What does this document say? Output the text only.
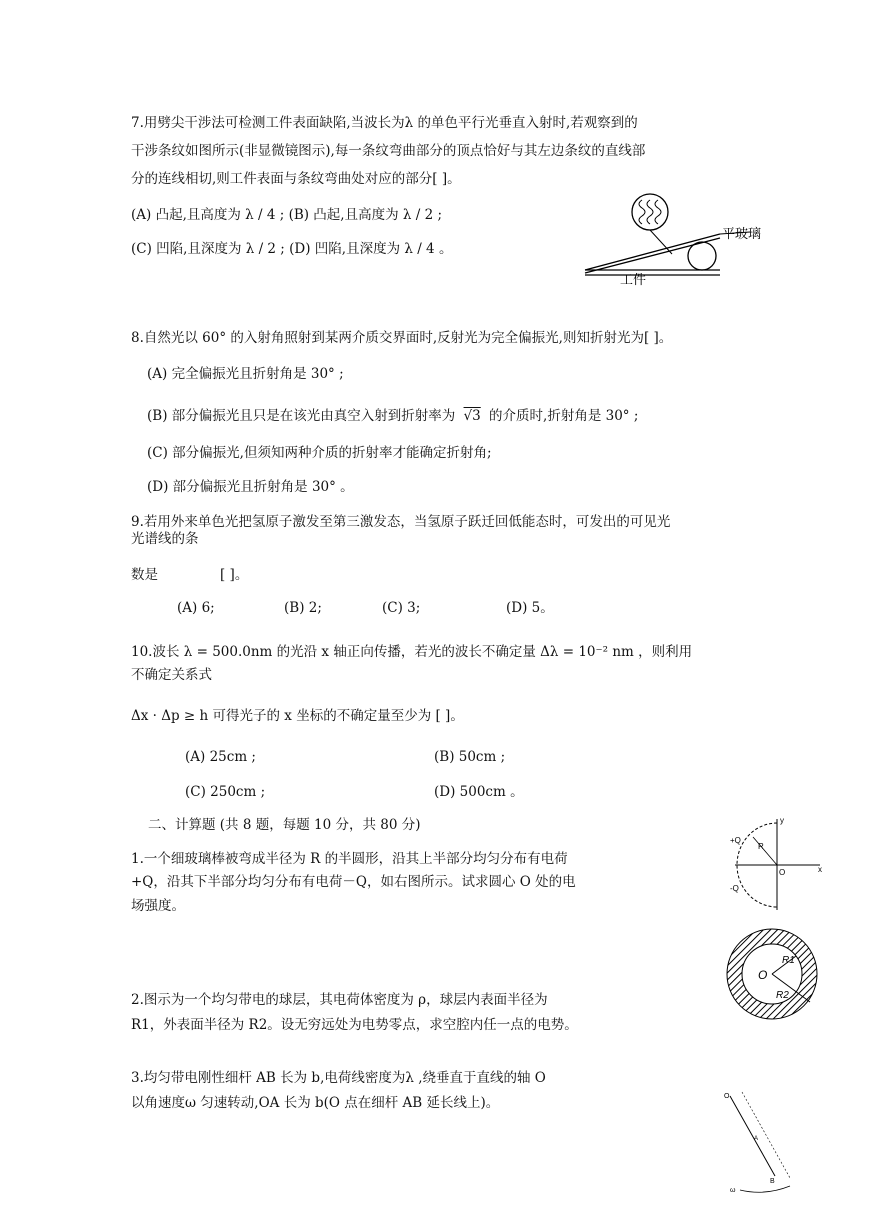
7.用劈尖干涉法可检测工件表面缺陷,当波长为λ 的单色平行光垂直入射时,若观察到的
干涉条纹如图所示(非显微镜图示),每一条纹弯曲部分的顶点恰好与其左边条纹的直线部
分的连线相切,则工件表面与条纹弯曲处对应的部分[ ]。
(A) 凸起,且高度为 λ / 4 ; (B) 凸起,且高度为 λ / 2 ;
(C) 凹陷,且深度为 λ / 2 ; (D) 凹陷,且深度为 λ / 4 。
平玻璃
工件
8.自然光以 60° 的入射角照射到某两介质交界面时,反射光为完全偏振光,则知折射光为[ ]。
(A) 完全偏振光且折射角是 30° ;
(B) 部分偏振光且只是在该光由真空入射到折射率为 √3 的介质时,折射角是 30° ;
(C) 部分偏振光,但须知两种介质的折射率才能确定折射角;
(D) 部分偏振光且折射角是 30° 。
9.若用外来单色光把氢原子激发至第三激发态，当氢原子跃迁回低能态时，可发出的可见光
光谱线的条
数是	[ ]。
(A) 6;	(B) 2;	(C) 3;	(D) 5。
10.波长 λ = 500.0nm 的光沿 x 轴正向传播，若光的波长不确定量 Δλ = 10⁻² nm ，则利用
不确定关系式
Δx · Δp ≥ h 可得光子的 x 坐标的不确定量至少为 [ ]。
(A) 25cm ;	(B) 50cm ;
(C) 250cm ;	(D) 500cm 。
二、计算题 (共 8 题，每题 10 分，共 80 分)
1.一个细玻璃棒被弯成半径为 R 的半圆形，沿其上半部分均匀分布有电荷
+Q，沿其下半部分均匀分布有电荷－Q，如右图所示。试求圆心 O 处的电
场强度。
y
x
+Q
-Q
R
O
O
R1
R2
2.图示为一个均匀带电的球层，其电荷体密度为 ρ，球层内表面半径为
R1，外表面半径为 R2。设无穷远处为电势零点，求空腔内任一点的电势。
3.均匀带电刚性细杆 AB 长为 b,电荷线密度为λ ,绕垂直于直线的轴 O
以角速度ω 匀速转动,OA 长为 b(O 点在细杆 AB 延长线上)。	O
A
B
ω
